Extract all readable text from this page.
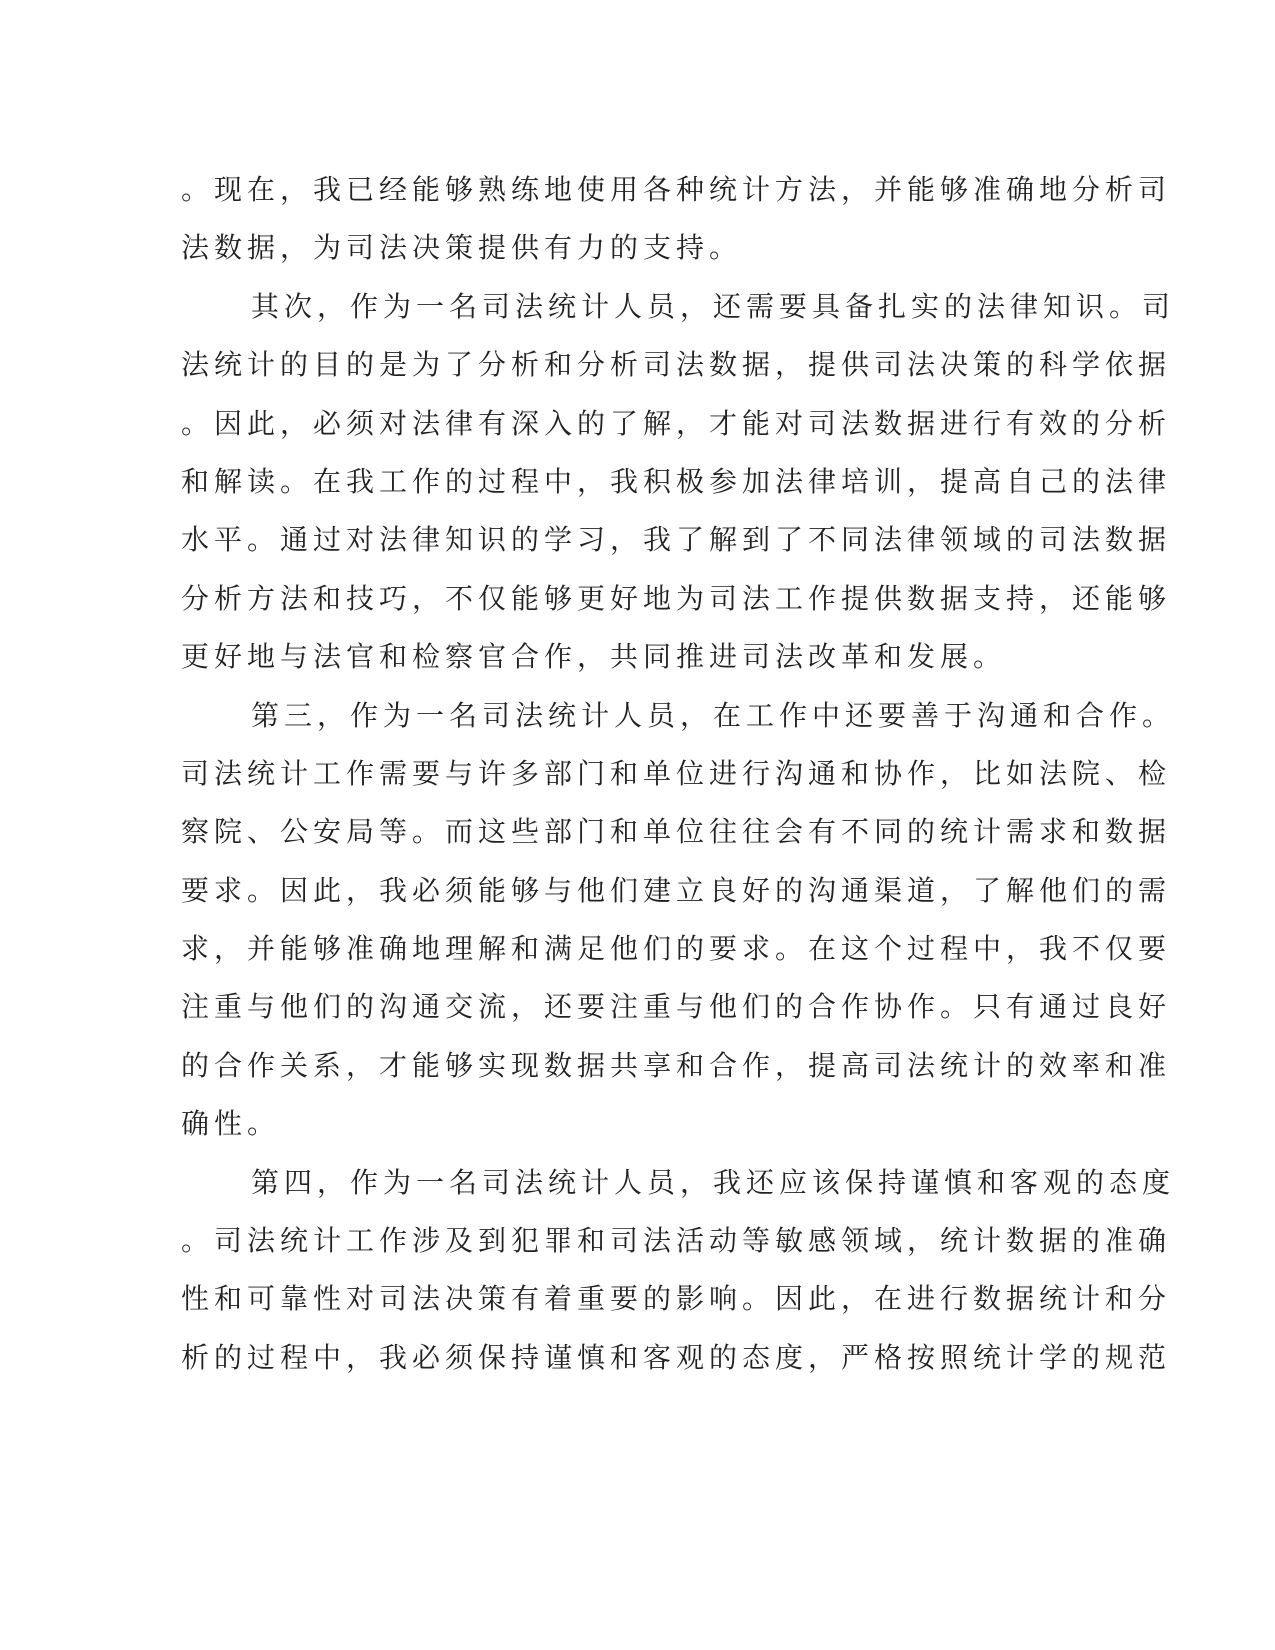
。现在，我已经能够熟练地使用各种统计方法，并能够准确地分析司
法数据，为司法决策提供有力的支持。
其次，作为一名司法统计人员，还需要具备扎实的法律知识。司
法统计的目的是为了分析和分析司法数据，提供司法决策的科学依据
。因此，必须对法律有深入的了解，才能对司法数据进行有效的分析
和解读。在我工作的过程中，我积极参加法律培训，提高自己的法律
水平。通过对法律知识的学习，我了解到了不同法律领域的司法数据
分析方法和技巧，不仅能够更好地为司法工作提供数据支持，还能够
更好地与法官和检察官合作，共同推进司法改革和发展。
第三，作为一名司法统计人员，在工作中还要善于沟通和合作。
司法统计工作需要与许多部门和单位进行沟通和协作，比如法院、检
察院、公安局等。而这些部门和单位往往会有不同的统计需求和数据
要求。因此，我必须能够与他们建立良好的沟通渠道，了解他们的需
求，并能够准确地理解和满足他们的要求。在这个过程中，我不仅要
注重与他们的沟通交流，还要注重与他们的合作协作。只有通过良好
的合作关系，才能够实现数据共享和合作，提高司法统计的效率和准
确性。
第四，作为一名司法统计人员，我还应该保持谨慎和客观的态度
。司法统计工作涉及到犯罪和司法活动等敏感领域，统计数据的准确
性和可靠性对司法决策有着重要的影响。因此，在进行数据统计和分
析的过程中，我必须保持谨慎和客观的态度，严格按照统计学的规范
